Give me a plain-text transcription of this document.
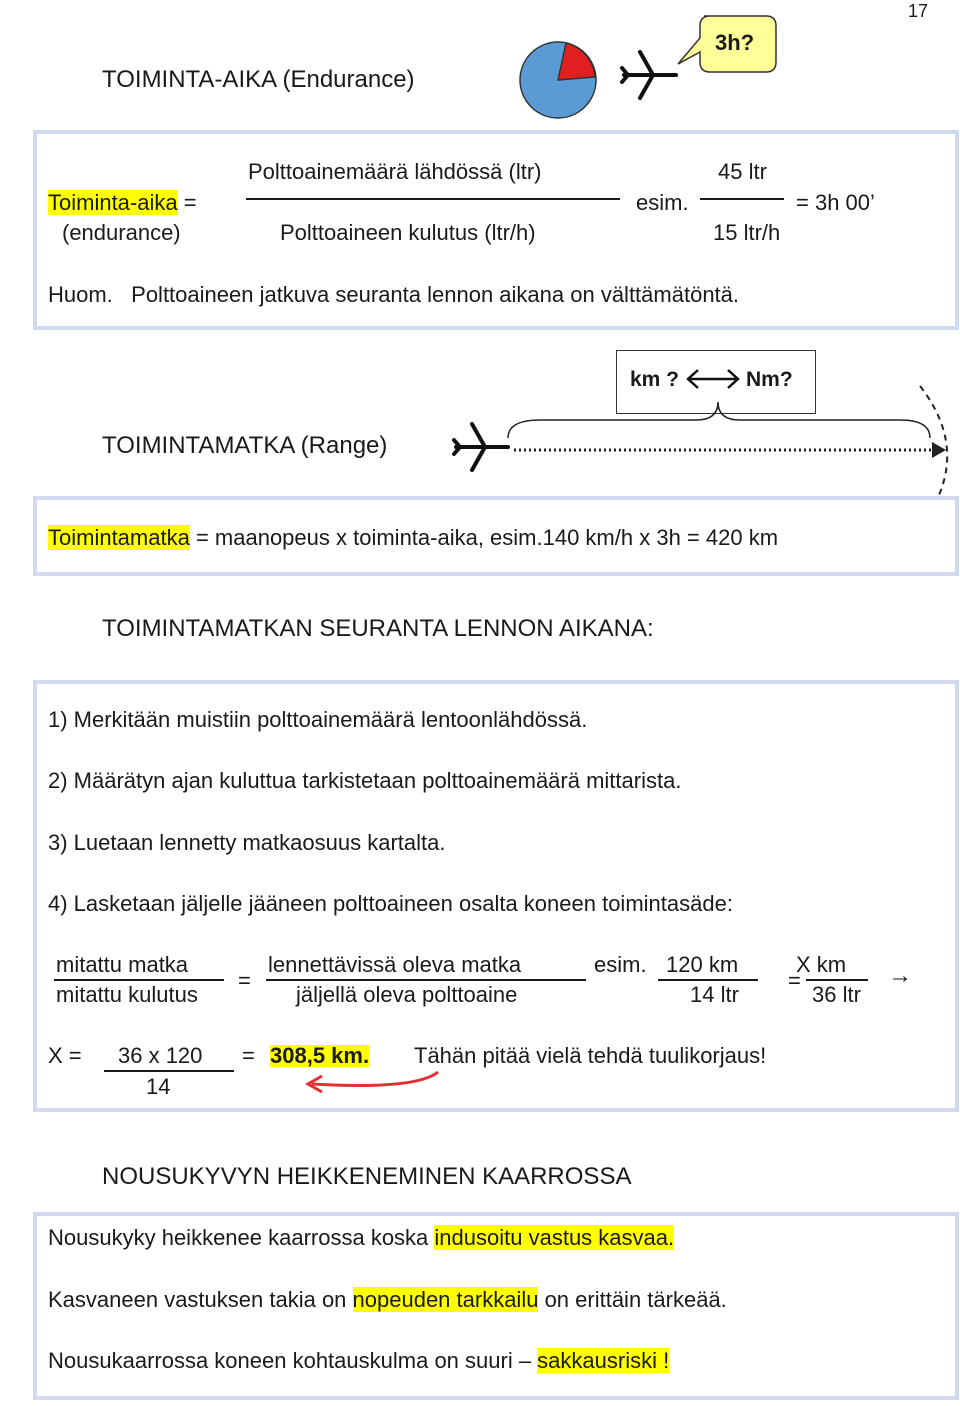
17
TOIMINTA-AIKA (Endurance)
3h?
Polttoainemäärä lähdössä (ltr)
Polttoaineen kulutus (ltr/h)
Toiminta-aika =
(endurance)
esim.
45 ltr
15 ltr/h
= 3h 00’
Huom. Polttoaineen jatkuva seuranta lennon aikana on välttämätöntä.
km ?	Nm?
TOIMINTAMATKA (Range)
Toimintamatka = maanopeus x toiminta-aika, esim.140 km/h x 3h = 420 km
TOIMINTAMATKAN SEURANTA LENNON AIKANA:
1) Merkitään muistiin polttoainemäärä lentoonlähdössä.
2) Määrätyn ajan kuluttua tarkistetaan polttoainemäärä mittarista.
3) Luetaan lennetty matkaosuus kartalta.
4) Lasketaan jäljelle jääneen polttoaineen osalta koneen toimintasäde:
mitattu matka
mitattu kulutus
=
lennettävissä oleva matka
jäljellä oleva polttoaine
esim. 120 km
14 ltr
=
X km
36 ltr
→
X = 36 x 120
14
= 308,5 km. Tähän pitää vielä tehdä tuulikorjaus!
NOUSUKYVYN HEIKKENEMINEN KAARROSSA
Nousukyky heikkenee kaarrossa koska indusoitu vastus kasvaa.
Kasvaneen vastuksen takia on nopeuden tarkkailu on erittäin tärkeää.
Nousukaarrossa koneen kohtauskulma on suuri – sakkausriski !
